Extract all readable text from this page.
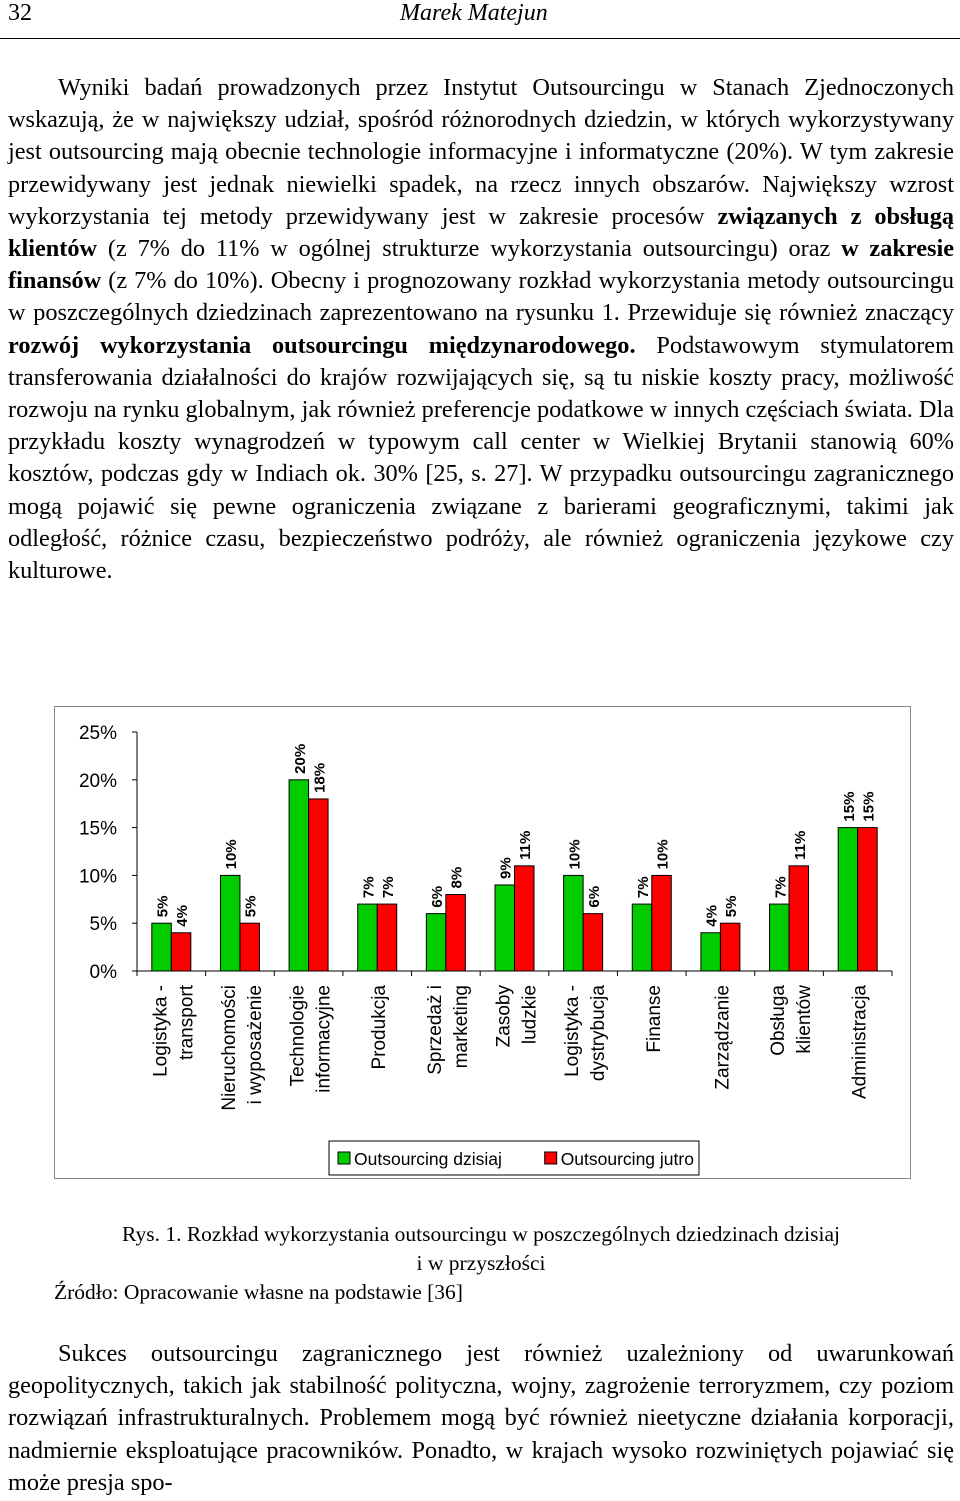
32	Marek Matejun

Wyniki badań prowadzonych przez Instytut Outsourcingu w Stanach Zjednoczonych wskazują, że w największy udział, spośród różnorodnych dziedzin, w których wykorzystywany jest outsourcing mają obecnie technologie informacyjne i informatyczne (20%). W tym zakresie przewidywany jest jednak niewielki spadek, na rzecz innych obszarów. Największy wzrost wykorzystania tej metody przewidywany jest w zakresie procesów związanych z obsługą klientów (z 7% do 11% w ogólnej strukturze wykorzystania outsourcingu) oraz w zakresie finansów (z 7% do 10%). Obecny i prognozowany rozkład wykorzystania metody outsourcingu w poszczególnych dziedzinach zaprezentowano na rysunku 1. Przewiduje się również znaczący rozwój wykorzystania outsourcingu międzynarodowego. Podstawowym stymulatorem transferowania działalności do krajów rozwijających się, są tu niskie koszty pracy, możliwość rozwoju na rynku globalnym, jak również preferencje podatkowe w innych częściach świata. Dla przykładu koszty wynagrodzeń w typowym call center w Wielkiej Brytanii stanowią 60% kosztów, podczas gdy w Indiach ok. 30% [25, s. 27]. W przypadku outsourcingu zagranicznego mogą pojawić się pewne ograniczenia związane z barierami geograficznymi, takimi jak odległość, różnice czasu, bezpieczeństwo podróży, ale również ograniczenia językowe czy kulturowe.

0%
5%
10%
15%
20%
25%
5% 4%
Logistyka - transport
10%
5%
Nieruchomości i wyposażenie
20%
18%
Technologie informacyjne
7% 7%
Produkcja
6%
8%
Sprzedaż i marketing
9%
11%
Zasoby ludzkie
10%
6%
Logistyka - dystrybucja
7%
10%
Finanse
4% 5%
Zarządzanie
7%
11%
Obsługa klientów
15% 15%
Administracja
Outsourcing dzisiaj	Outsourcing jutro
Rys. 1. Rozkład wykorzystania outsourcingu w poszczególnych dziedzinach dzisiaj
i w przyszłości
Źródło: Opracowanie własne na podstawie [36]

Sukces outsourcingu zagranicznego jest również uzależniony od uwarunkowań geopolitycznych, takich jak stabilność polityczna, wojny, zagrożenie terroryzmem, czy poziom rozwiązań infrastrukturalnych. Problemem mogą być również nieetyczne działania korporacji, nadmiernie eksploatujące pracowników. Ponadto, w krajach wysoko rozwiniętych pojawiać się może presja spo-
